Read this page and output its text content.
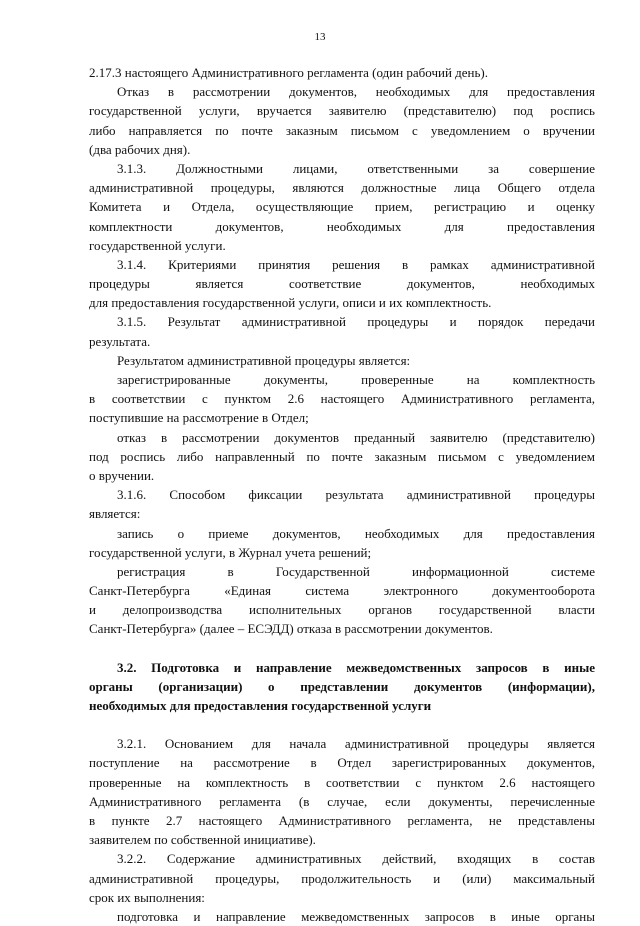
13
2.17.3 настоящего Административного регламента (один рабочий день).
Отказ в рассмотрении документов, необходимых для предоставления
государственной услуги, вручается заявителю (представителю) под роспись
либо направляется по почте заказным письмом с уведомлением о вручении
(два рабочих дня).
3.1.3. Должностными лицами, ответственными за совершение
административной процедуры, являются должностные лица Общего отдела
Комитета и Отдела, осуществляющие прием, регистрацию и оценку
комплектности документов, необходимых для предоставления
государственной услуги.
3.1.4. Критериями принятия решения в рамках административной
процедуры является соответствие документов, необходимых
для предоставления государственной услуги, описи и их комплектность.
3.1.5. Результат административной процедуры и порядок передачи
результата.
Результатом административной процедуры является:
зарегистрированные документы, проверенные на комплектность
в соответствии с пунктом 2.6 настоящего Административного регламента,
поступившие на рассмотрение в Отдел;
отказ в рассмотрении документов преданный заявителю (представителю)
под роспись либо направленный по почте заказным письмом с уведомлением
о вручении.
3.1.6. Способом фиксации результата административной процедуры
является:
запись о приеме документов, необходимых для предоставления
государственной услуги, в Журнал учета решений;
регистрация в Государственной информационной системе
Санкт-Петербурга «Единая система электронного документооборота
и делопроизводства исполнительных органов государственной власти
Санкт-Петербурга» (далее – ЕСЭДД) отказа в рассмотрении документов.
3.2. Подготовка и направление межведомственных запросов в иные
органы (организации) о представлении документов (информации),
необходимых для предоставления государственной услуги
3.2.1. Основанием для начала административной процедуры является
поступление на рассмотрение в Отдел зарегистрированных документов,
проверенные на комплектность в соответствии с пунктом 2.6 настоящего
Административного регламента (в случае, если документы, перечисленные
в пункте 2.7 настоящего Административного регламента, не представлены
заявителем по собственной инициативе).
3.2.2. Содержание административных действий, входящих в состав
административной процедуры, продолжительность и (или) максимальный
срок их выполнения:
подготовка и направление межведомственных запросов в иные органы
